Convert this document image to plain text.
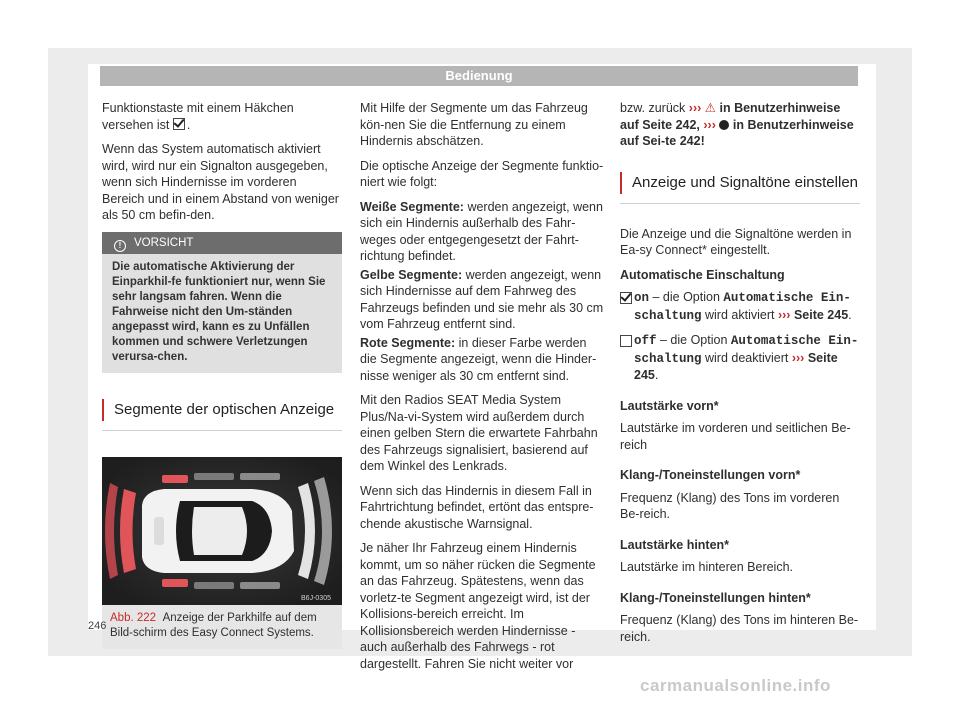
Bedienung

Funktionstaste mit einem Häkchen versehen ist .

Wenn das System automatisch aktiviert wird, wird nur ein Signalton ausgegeben, wenn sich Hindernisse im vorderen Bereich und in einem Abstand von weniger als 50 cm befin-den.

! VORSICHT
Die automatische Aktivierung der Einparkhil-fe funktioniert nur, wenn Sie sehr langsam fahren. Wenn die Fahrweise nicht den Um-ständen angepasst wird, kann es zu Unfällen kommen und schwere Verletzungen verursa-chen.
Segmente der optischen Anzeige
B6J-0305
Abb. 222 Anzeige der Parkhilfe auf dem Bild-schirm des Easy Connect Systems.

Mit Hilfe der Segmente um das Fahrzeug kön-nen Sie die Entfernung zu einem Hindernis abschätzen.

Die optische Anzeige der Segmente funktio-niert wie folgt:

Weiße Segmente: werden angezeigt, wenn sich ein Hindernis außerhalb des Fahr-weges oder entgegengesetzt der Fahrt-richtung befindet.
Gelbe Segmente: werden angezeigt, wenn sich Hindernisse auf dem Fahrweg des Fahrzeugs befinden und sie mehr als 30 cm vom Fahrzeug entfernt sind.
Rote Segmente: in dieser Farbe werden die Segmente angezeigt, wenn die Hinder-nisse weniger als 30 cm entfernt sind.

Mit den Radios SEAT Media System Plus/Na-vi-System wird außerdem durch einen gelben Stern die erwartete Fahrbahn des Fahrzeugs signalisiert, basierend auf dem Winkel des Lenkrads.

Wenn sich das Hindernis in diesem Fall in Fahrtrichtung befindet, ertönt das entspre-chende akustische Warnsignal.

Je näher Ihr Fahrzeug einem Hindernis kommt, um so näher rücken die Segmente an das Fahrzeug. Spätestens, wenn das vorletz-te Segment angezeigt wird, ist der Kollisions-bereich erreicht. Im Kollisionsbereich werden Hindernisse - auch außerhalb des Fahrwegs - rot dargestellt. Fahren Sie nicht weiter vor

bzw. zurück ››› ⚠ in Benutzerhinweise auf Seite 242, ››› in Benutzerhinweise auf Sei-te 242!

Anzeige und Signaltöne einstellen

Die Anzeige und die Signaltöne werden in Ea-sy Connect* eingestellt.

Automatische Einschaltung
on – die Option Automatische Ein-schaltung wird aktiviert ››› Seite 245.
off – die Option Automatische Ein-schaltung wird deaktiviert ››› Seite 245.
Lautstärke vorn*
Lautstärke im vorderen und seitlichen Be-reich
Klang-/Toneinstellungen vorn*
Frequenz (Klang) des Tons im vorderen Be-reich.
Lautstärke hinten*
Lautstärke im hinteren Bereich.
Klang-/Toneinstellungen hinten*
Frequenz (Klang) des Tons im hinteren Be-reich.
246
carmanualsonline.info
